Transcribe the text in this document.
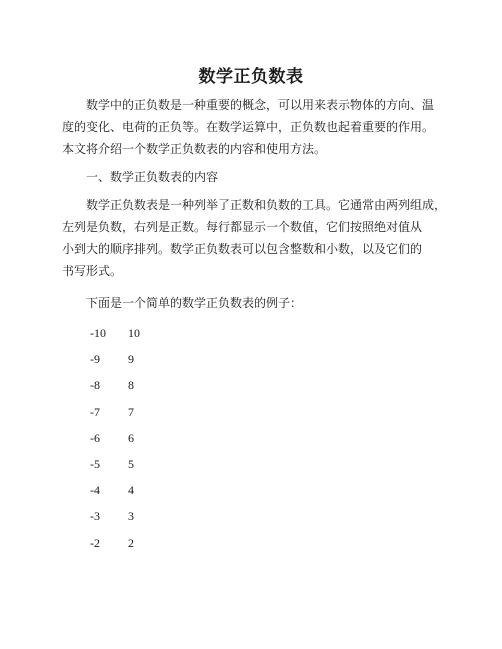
数学正负数表

数学中的正负数是一种重要的概念，可以用来表示物体的方向、温
度的变化、电荷的正负等。在数学运算中，正负数也起着重要的作用。
本文将介绍一个数学正负数表的内容和使用方法。

一、数学正负数表的内容

数学正负数表是一种列举了正数和负数的工具。它通常由两列组成，
左列是负数，右列是正数。每行都显示一个数值，它们按照绝对值从
小到大的顺序排列。数学正负数表可以包含整数和小数，以及它们的
书写形式。

下面是一个简单的数学正负数表的例子：

-10	10
-9	9
-8	8
-7	7
-6	6
-5	5
-4	4
-3	3
-2	2
